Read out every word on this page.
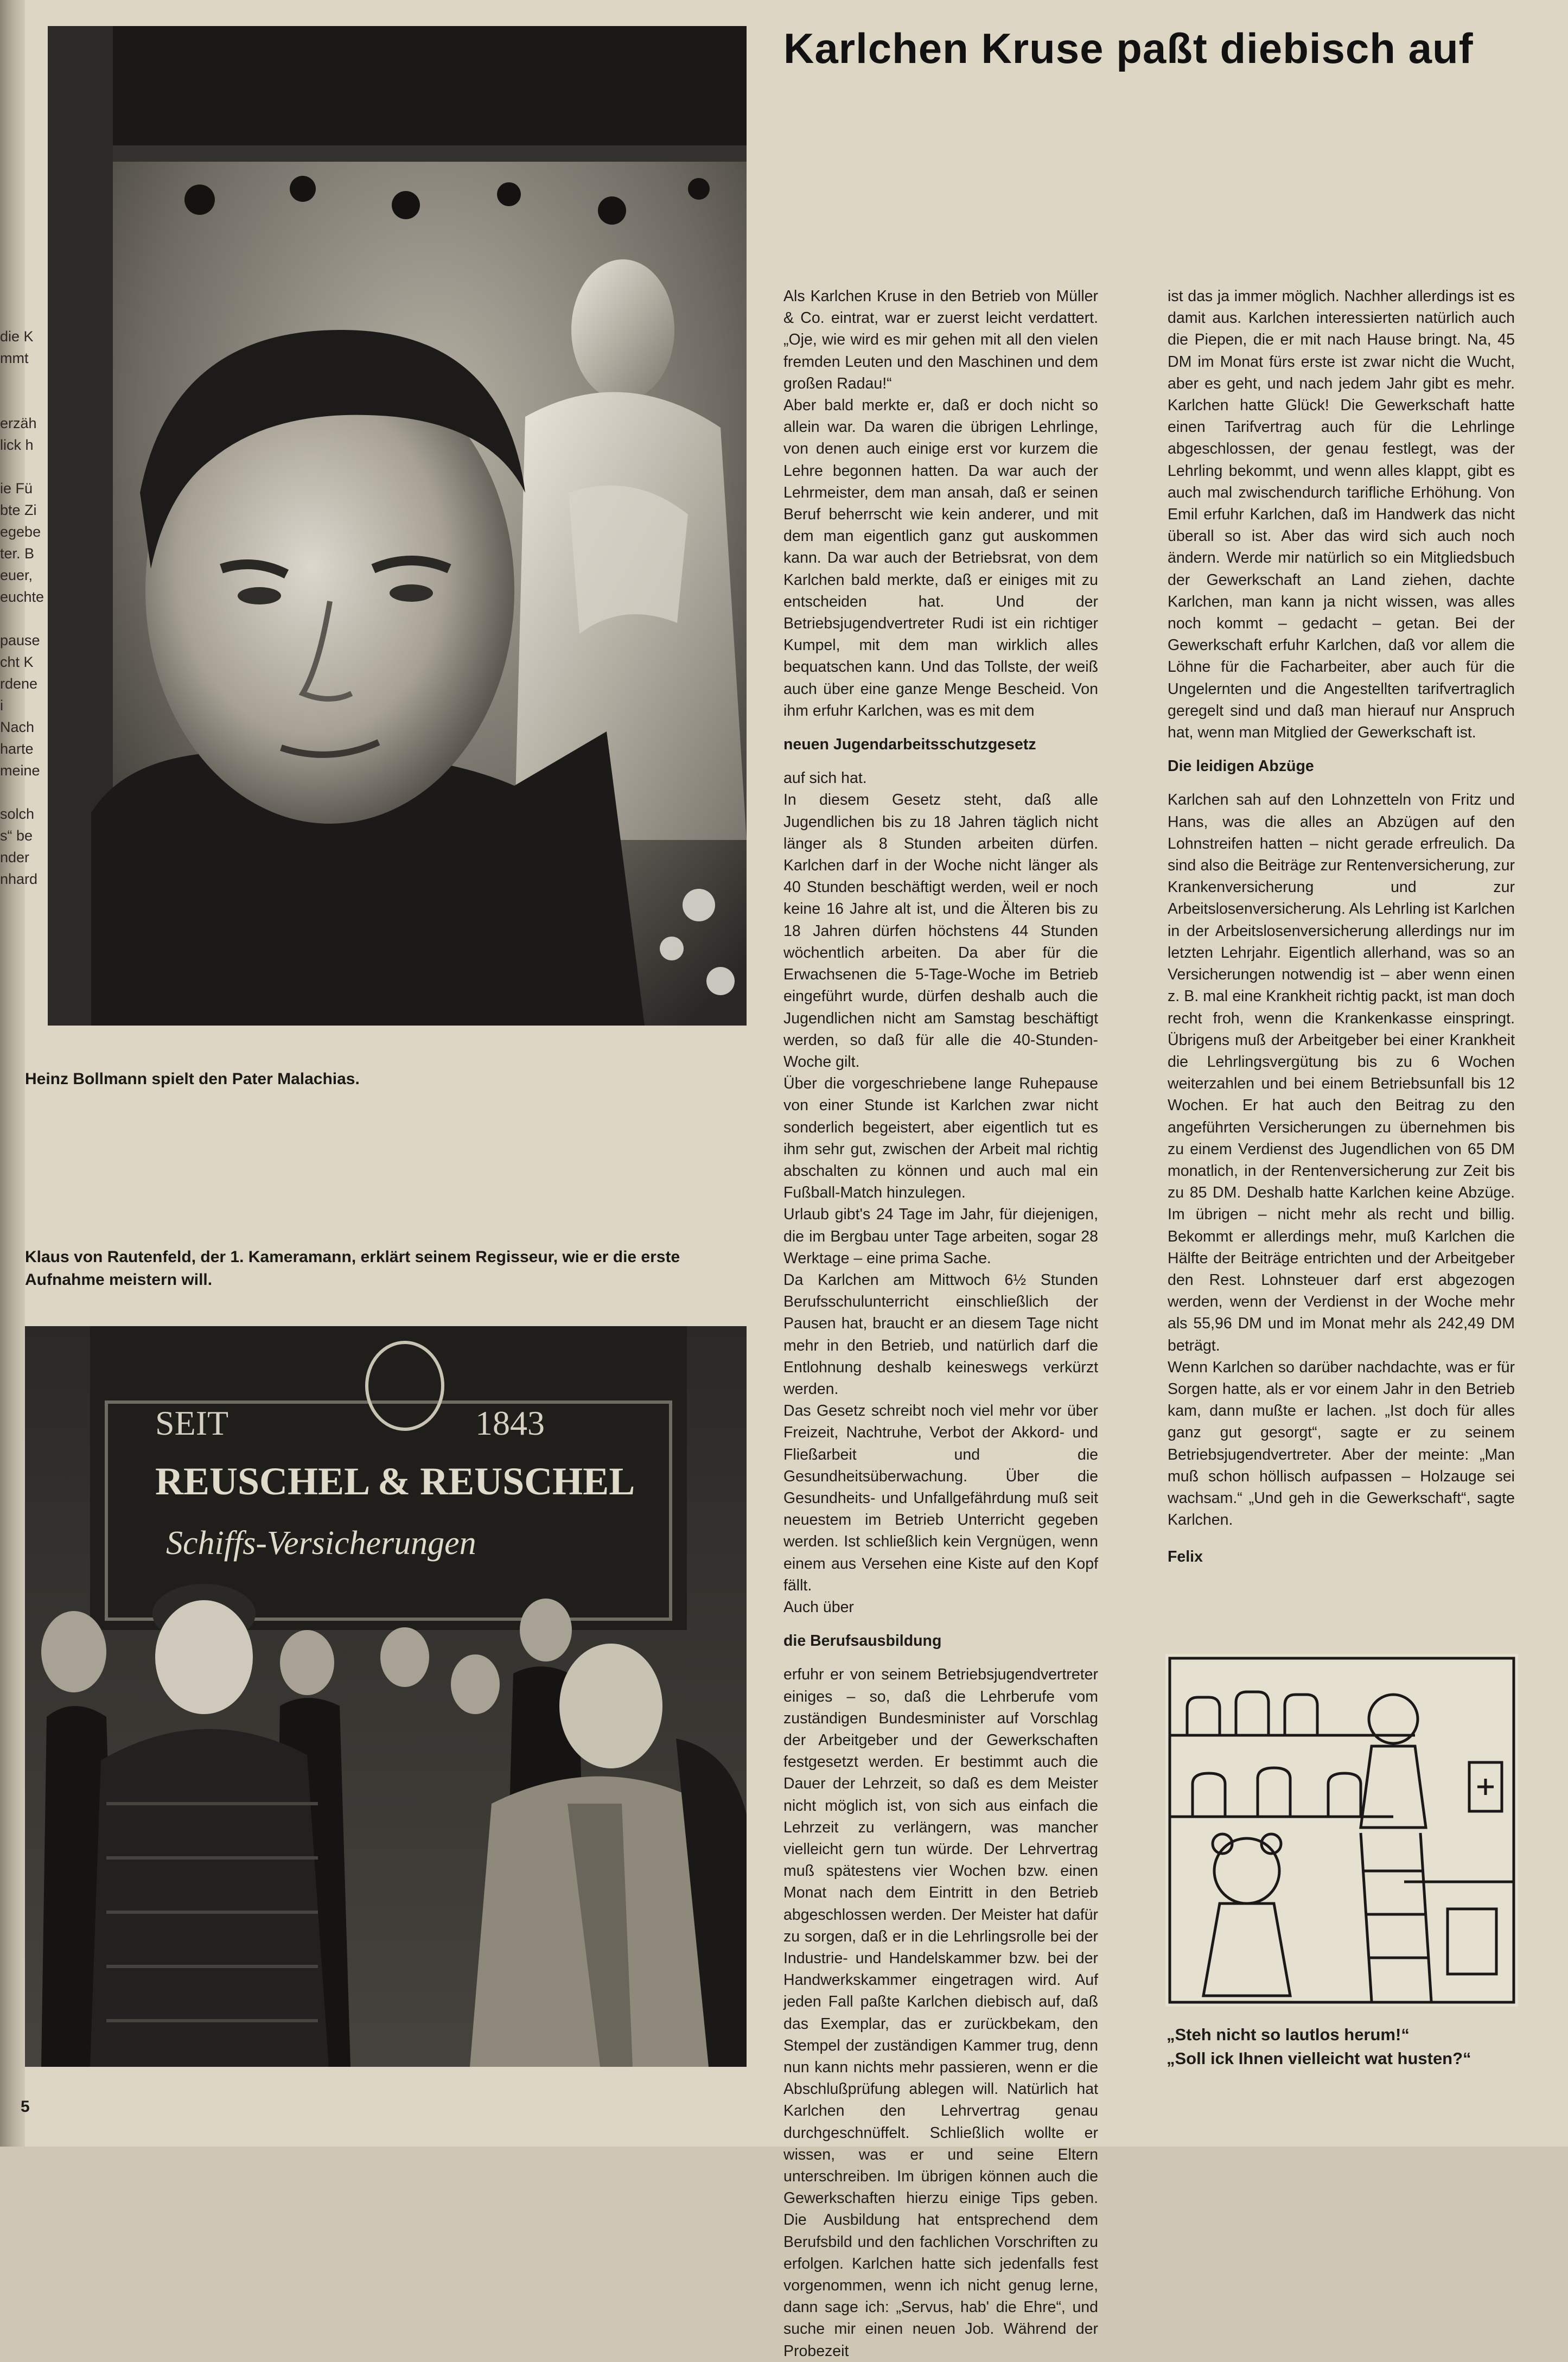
die K
mmt
erzäh
lick h
ie Fü
bte Zi
egebe
ter. B
euer,
euchte
pause
cht K
rdene
i
Nach
harte
meine
solch
s“ be
nder
nhard
Heinz Bollmann spielt den Pater Malachias.
Klaus von Rautenfeld, der 1. Kameramann, erklärt seinem Regisseur, wie er die erste Aufnahme meistern will.
SEIT	1843
REUSCHEL & REUSCHEL
Schiffs-Versicherungen
Karlchen Kruse paßt diebisch auf

Als Karlchen Kruse in den Betrieb von Müller & Co. eintrat, war er zuerst leicht verdattert. „Oje, wie wird es mir gehen mit all den vielen fremden Leuten und den Maschinen und dem großen Radau!“

Aber bald merkte er, daß er doch nicht so allein war. Da waren die übrigen Lehrlinge, von denen auch einige erst vor kurzem die Lehre begonnen hatten. Da war auch der Lehrmeister, dem man ansah, daß er seinen Beruf beherrscht wie kein anderer, und mit dem man eigentlich ganz gut auskommen kann. Da war auch der Betriebsrat, von dem Karlchen bald merkte, daß er einiges mit zu entscheiden hat. Und der Betriebsjugendvertreter Rudi ist ein richtiger Kumpel, mit dem man wirklich alles bequatschen kann. Und das Tollste, der weiß auch über eine ganze Menge Bescheid. Von ihm erfuhr Karlchen, was es mit dem

neuen Jugendarbeitsschutzgesetz

auf sich hat.

In diesem Gesetz steht, daß alle Jugendlichen bis zu 18 Jahren täglich nicht länger als 8 Stunden arbeiten dürfen. Karlchen darf in der Woche nicht länger als 40 Stunden beschäftigt werden, weil er noch keine 16 Jahre alt ist, und die Älteren bis zu 18 Jahren dürfen höchstens 44 Stunden wöchentlich arbeiten. Da aber für die Erwachsenen die 5-Tage-Woche im Betrieb eingeführt wurde, dürfen deshalb auch die Jugendlichen nicht am Samstag beschäftigt werden, so daß für alle die 40-Stunden-Woche gilt.

Über die vorgeschriebene lange Ruhepause von einer Stunde ist Karlchen zwar nicht sonderlich begeistert, aber eigentlich tut es ihm sehr gut, zwischen der Arbeit mal richtig abschalten zu können und auch mal ein Fußball-Match hinzulegen.

Urlaub gibt's 24 Tage im Jahr, für diejenigen, die im Bergbau unter Tage arbeiten, sogar 28 Werktage – eine prima Sache.

Da Karlchen am Mittwoch 6½ Stunden Berufsschulunterricht einschließlich der Pausen hat, braucht er an diesem Tage nicht mehr in den Betrieb, und natürlich darf die Entlohnung deshalb keineswegs verkürzt werden.

Das Gesetz schreibt noch viel mehr vor über Freizeit, Nachtruhe, Verbot der Akkord- und Fließarbeit und die Gesundheitsüberwachung. Über die Gesundheits- und Unfallgefährdung muß seit neuestem im Betrieb Unterricht gegeben werden. Ist schließlich kein Vergnügen, wenn einem aus Versehen eine Kiste auf den Kopf fällt.

Auch über

die Berufsausbildung

erfuhr er von seinem Betriebsjugendvertreter einiges – so, daß die Lehrberufe vom zuständigen Bundesminister auf Vorschlag der Arbeitgeber und der Gewerkschaften festgesetzt werden. Er bestimmt auch die Dauer der Lehrzeit, so daß es dem Meister nicht möglich ist, von sich aus einfach die Lehrzeit zu verlängern, was mancher vielleicht gern tun würde. Der Lehrvertrag muß spätestens vier Wochen bzw. einen Monat nach dem Eintritt in den Betrieb abgeschlossen werden. Der Meister hat dafür zu sorgen, daß er in die Lehrlingsrolle bei der Industrie- und Handelskammer bzw. bei der Handwerkskammer eingetragen wird. Auf jeden Fall paßte Karlchen diebisch auf, daß das Exemplar, das er zurückbekam, den Stempel der zuständigen Kammer trug, denn nun kann nichts mehr passieren, wenn er die Abschlußprüfung ablegen will. Natürlich hat Karlchen den Lehrvertrag genau durchgeschnüffelt. Schließlich wollte er wissen, was er und seine Eltern unterschreiben. Im übrigen können auch die Gewerkschaften hierzu einige Tips geben. Die Ausbildung hat entsprechend dem Berufsbild und den fachlichen Vorschriften zu erfolgen. Karlchen hatte sich jedenfalls fest vorgenommen, wenn ich nicht genug lerne, dann sage ich: „Servus, hab' die Ehre“, und suche mir einen neuen Job. Während der Probezeit

ist das ja immer möglich. Nachher allerdings ist es damit aus. Karlchen interessierten natürlich auch die Piepen, die er mit nach Hause bringt. Na, 45 DM im Monat fürs erste ist zwar nicht die Wucht, aber es geht, und nach jedem Jahr gibt es mehr. Karlchen hatte Glück! Die Gewerkschaft hatte einen Tarifvertrag auch für die Lehrlinge abgeschlossen, der genau festlegt, was der Lehrling bekommt, und wenn alles klappt, gibt es auch mal zwischendurch tarifliche Erhöhung. Von Emil erfuhr Karlchen, daß im Handwerk das nicht überall so ist. Aber das wird sich auch noch ändern. Werde mir natürlich so ein Mitgliedsbuch der Gewerkschaft an Land ziehen, dachte Karlchen, man kann ja nicht wissen, was alles noch kommt – gedacht – getan. Bei der Gewerkschaft erfuhr Karlchen, daß vor allem die Löhne für die Facharbeiter, aber auch für die Ungelernten und die Angestellten tarifvertraglich geregelt sind und daß man hierauf nur Anspruch hat, wenn man Mitglied der Gewerkschaft ist.

Die leidigen Abzüge

Karlchen sah auf den Lohnzetteln von Fritz und Hans, was die alles an Abzügen auf den Lohnstreifen hatten – nicht gerade erfreulich. Da sind also die Beiträge zur Rentenversicherung, zur Krankenversicherung und zur Arbeitslosenversicherung. Als Lehrling ist Karlchen in der Arbeitslosenversicherung allerdings nur im letzten Lehrjahr. Eigentlich allerhand, was so an Versicherungen notwendig ist – aber wenn einen z. B. mal eine Krankheit richtig packt, ist man doch recht froh, wenn die Krankenkasse einspringt. Übrigens muß der Arbeitgeber bei einer Krankheit die Lehrlingsvergütung bis zu 6 Wochen weiterzahlen und bei einem Betriebsunfall bis 12 Wochen. Er hat auch den Beitrag zu den angeführten Versicherungen zu übernehmen bis zu einem Verdienst des Jugendlichen von 65 DM monatlich, in der Rentenversicherung zur Zeit bis zu 85 DM. Deshalb hatte Karlchen keine Abzüge. Im übrigen – nicht mehr als recht und billig. Bekommt er allerdings mehr, muß Karlchen die Hälfte der Beiträge entrichten und der Arbeitgeber den Rest. Lohnsteuer darf erst abgezogen werden, wenn der Verdienst in der Woche mehr als 55,96 DM und im Monat mehr als 242,49 DM beträgt.

Wenn Karlchen so darüber nachdachte, was er für Sorgen hatte, als er vor einem Jahr in den Betrieb kam, dann mußte er lachen. „Ist doch für alles ganz gut gesorgt“, sagte er zu seinem Betriebsjugendvertreter. Aber der meinte: „Man muß schon höllisch aufpassen – Holzauge sei wachsam.“ „Und geh in die Gewerkschaft“, sagte Karlchen.

Felix

„Steh nicht so lautlos herum!“
„Soll ick Ihnen vielleicht wat husten?“
5
